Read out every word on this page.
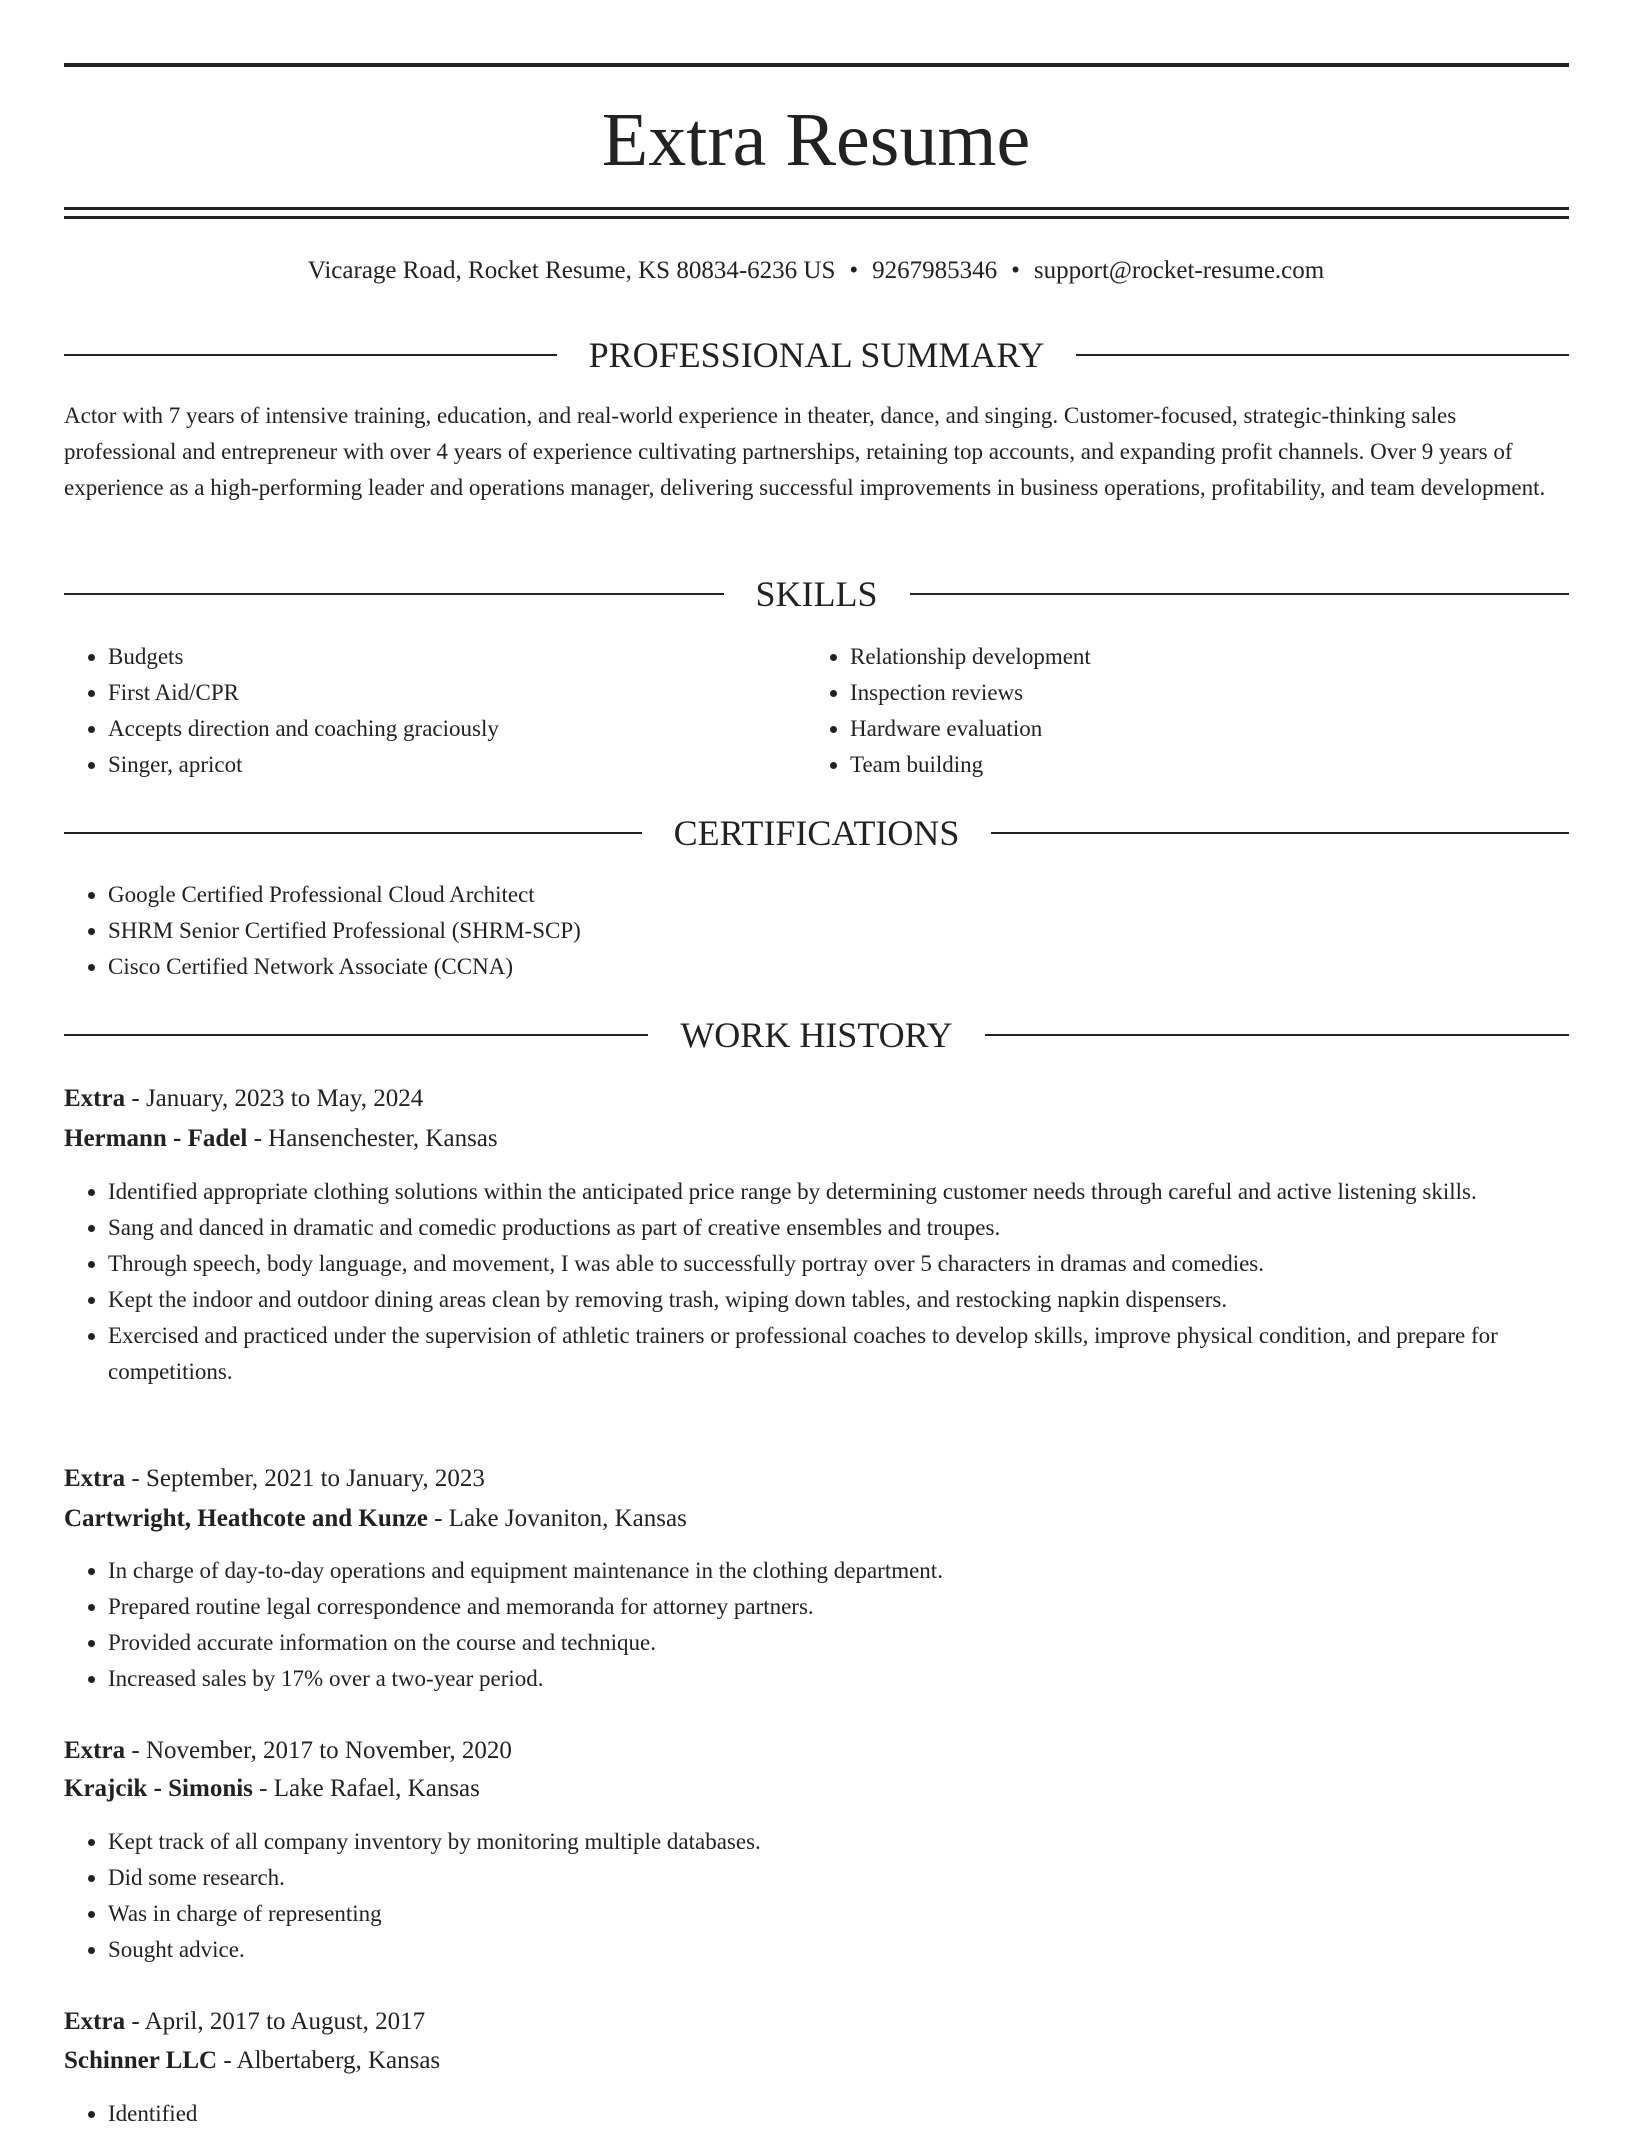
Extra Resume
Vicarage Road, Rocket Resume, KS 80834-6236 US • 9267985346 • support@rocket-resume.com
PROFESSIONAL SUMMARY

Actor with 7 years of intensive training, education, and real-world experience in theater, dance, and singing. Customer-focused, strategic-thinking sales professional and entrepreneur with over 4 years of experience cultivating partnerships, retaining top accounts, and expanding profit channels. Over 9 years of experience as a high-performing leader and operations manager, delivering successful improvements in business operations, profitability, and team development.

SKILLS
• Budgets
• First Aid/CPR
• Accepts direction and coaching graciously
• Singer, apricot
• Relationship development
• Inspection reviews
• Hardware evaluation
• Team building
CERTIFICATIONS
• Google Certified Professional Cloud Architect
• SHRM Senior Certified Professional (SHRM-SCP)
• Cisco Certified Network Associate (CCNA)
WORK HISTORY
Extra - January, 2023 to May, 2024
Hermann - Fadel - Hansenchester, Kansas
• Identified appropriate clothing solutions within the anticipated price range by determining customer needs through careful and active listening skills.
• Sang and danced in dramatic and comedic productions as part of creative ensembles and troupes.
• Through speech, body language, and movement, I was able to successfully portray over 5 characters in dramas and comedies.
• Kept the indoor and outdoor dining areas clean by removing trash, wiping down tables, and restocking napkin dispensers.
• Exercised and practiced under the supervision of athletic trainers or professional coaches to develop skills, improve physical condition, and prepare for competitions.
Extra - September, 2021 to January, 2023
Cartwright, Heathcote and Kunze - Lake Jovaniton, Kansas
• In charge of day-to-day operations and equipment maintenance in the clothing department.
• Prepared routine legal correspondence and memoranda for attorney partners.
• Provided accurate information on the course and technique.
• Increased sales by 17% over a two-year period.
Extra - November, 2017 to November, 2020
Krajcik - Simonis - Lake Rafael, Kansas
• Kept track of all company inventory by monitoring multiple databases.
• Did some research.
• Was in charge of representing
• Sought advice.
Extra - April, 2017 to August, 2017
Schinner LLC - Albertaberg, Kansas
• Identified
